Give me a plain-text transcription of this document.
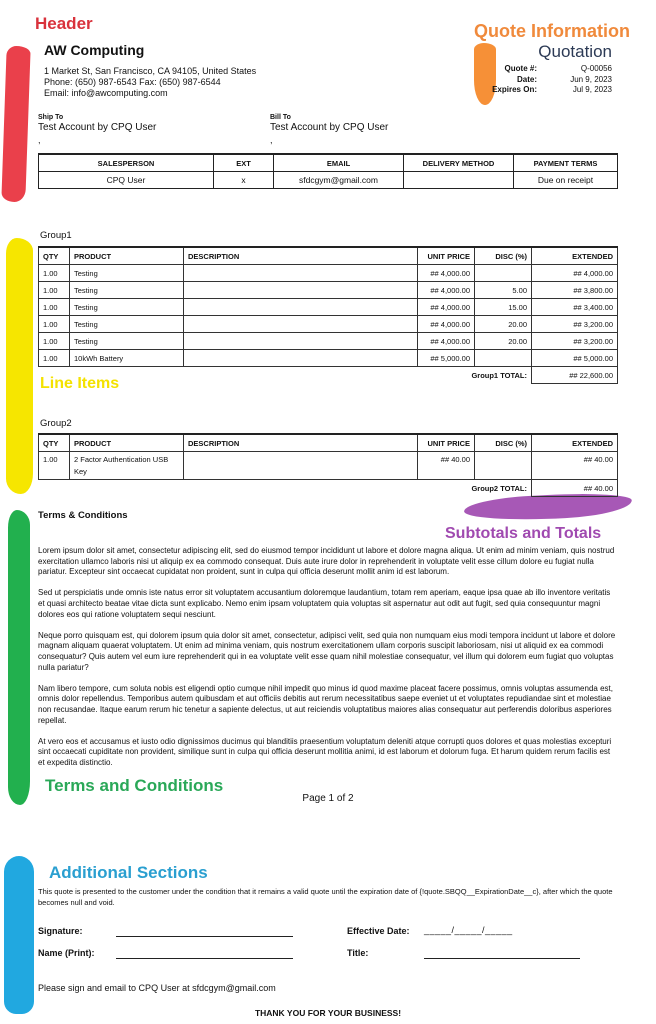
Header	Quote Information
Line Items
Subtotals and Totals
Terms and Conditions
Additional Sections
AW Computing
1 Market St, San Francisco, CA 94105, United States
Phone: (650) 987-6543 Fax: (650) 987-6544
Email: info@awcomputing.com
Quotation
Quote #:	Q-00056
Date:	Jun 9, 2023
Expires On:	Jul 9, 2023
Ship To
Test Account by CPQ User
,
Bill To
Test Account by CPQ User
,
SALESPERSON	EXT	EMAIL	DELIVERY METHOD	PAYMENT TERMS
CPQ User	x	sfdcgym@gmail.com		Due on receipt
Group1
QTY	PRODUCT	DESCRIPTION	UNIT PRICE	DISC (%)	EXTENDED
1.00	Testing		## 4,000.00		## 4,000.00
1.00	Testing		## 4,000.00	5.00	## 3,800.00
1.00	Testing		## 4,000.00	15.00	## 3,400.00
1.00	Testing		## 4,000.00	20.00	## 3,200.00
1.00	Testing		## 4,000.00	20.00	## 3,200.00
1.00	10kWh Battery		## 5,000.00		## 5,000.00
Group1 TOTAL:					## 22,600.00
Group2
QTY	PRODUCT	DESCRIPTION	UNIT PRICE	DISC (%)	EXTENDED
1.00	2 Factor Authentication USB Key		## 40.00		## 40.00
Group2 TOTAL:					## 40.00
Terms & Conditions

Lorem ipsum dolor sit amet, consectetur adipiscing elit, sed do eiusmod tempor incididunt ut labore et dolore magna aliqua. Ut enim ad minim veniam, quis nostrud exercitation ullamco laboris nisi ut aliquip ex ea commodo consequat. Duis aute irure dolor in reprehenderit in voluptate velit esse cillum dolore eu fugiat nulla pariatur. Excepteur sint occaecat cupidatat non proident, sunt in culpa qui officia deserunt mollit anim id est laborum.

Sed ut perspiciatis unde omnis iste natus error sit voluptatem accusantium doloremque laudantium, totam rem aperiam, eaque ipsa quae ab illo inventore veritatis et quasi architecto beatae vitae dicta sunt explicabo. Nemo enim ipsam voluptatem quia voluptas sit aspernatur aut odit aut fugit, sed quia consequuntur magni dolores eos qui ratione voluptatem sequi nesciunt.

Neque porro quisquam est, qui dolorem ipsum quia dolor sit amet, consectetur, adipisci velit, sed quia non numquam eius modi tempora incidunt ut labore et dolore magnam aliquam quaerat voluptatem. Ut enim ad minima veniam, quis nostrum exercitationem ullam corporis suscipit laboriosam, nisi ut aliquid ex ea commodi consequatur? Quis autem vel eum iure reprehenderit qui in ea voluptate velit esse quam nihil molestiae consequatur, vel illum qui dolorem eum fugiat quo voluptas nulla pariatur?

Nam libero tempore, cum soluta nobis est eligendi optio cumque nihil impedit quo minus id quod maxime placeat facere possimus, omnis voluptas assumenda est, omnis dolor repellendus. Temporibus autem quibusdam et aut officiis debitis aut rerum necessitatibus saepe eveniet ut et voluptates repudiandae sint et molestiae non recusandae. Itaque earum rerum hic tenetur a sapiente delectus, ut aut reiciendis voluptatibus maiores alias consequatur aut perferendis doloribus asperiores repellat.

At vero eos et accusamus et iusto odio dignissimos ducimus qui blanditiis praesentium voluptatum deleniti atque corrupti quos dolores et quas molestias excepturi sint occaecati cupiditate non provident, similique sunt in culpa qui officia deserunt mollitia animi, id est laborum et dolorum fuga. Et harum quidem rerum facilis est et expedita distinctio.

Page 1 of 2
This quote is presented to the customer under the condition that it remains a valid quote until the expiration date of {!quote.SBQQ__ExpirationDate__c}, after which the quote becomes null and void.
Signature:
Name (Print):
Effective Date: _____/_____/_____
Title:
Please sign and email to CPQ User at sfdcgym@gmail.com
THANK YOU FOR YOUR BUSINESS!
